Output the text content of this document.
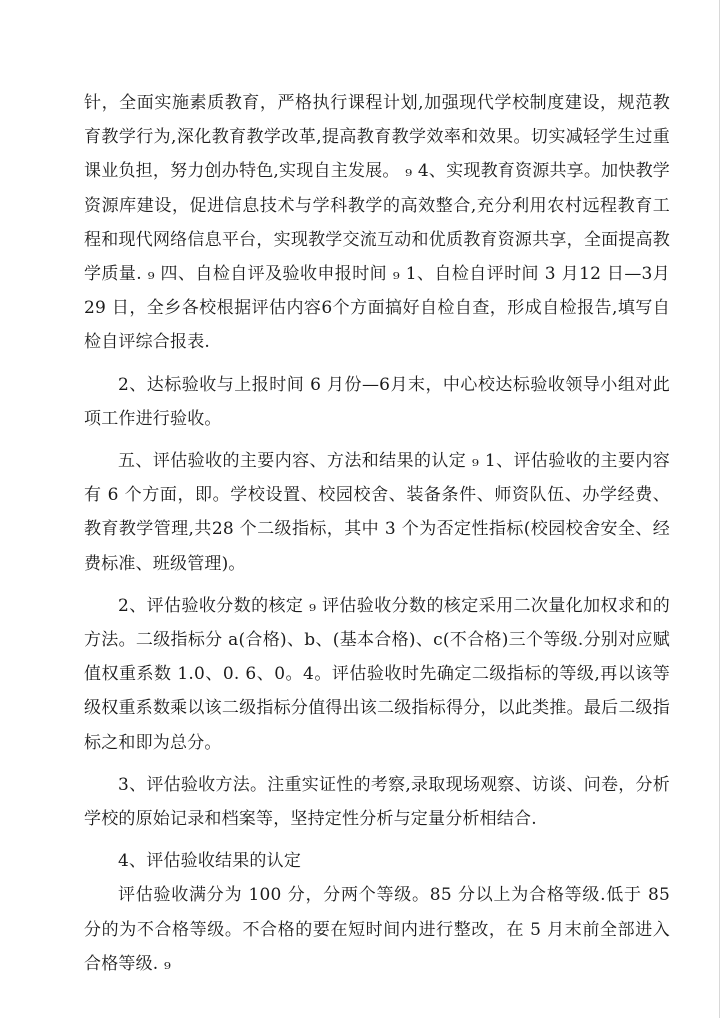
针，全面实施素质教育，严格执行课程计划,加强现代学校制度建设，规范教育教学行为,深化教育教学改革,提高教育教学效率和效果。切实减轻学生过重课业负担，努力创办特色,实现自主发展。 ₉ 4、实现教育资源共享。加快教学资源库建设，促进信息技术与学科教学的高效整合,充分利用农村远程教育工程和现代网络信息平台，实现教学交流互动和优质教育资源共享，全面提高教学质量. ₉ 四、自检自评及验收申报时间 ₉ 1、自检自评时间 3 月12 日—3月29 日，全乡各校根据评估内容6个方面搞好自检自查，形成自检报告,填写自检自评综合报表.

2、达标验收与上报时间 6 月份—6月末，中心校达标验收领导小组对此项工作进行验收。

五、评估验收的主要内容、方法和结果的认定 ₉ 1、评估验收的主要内容有 6 个方面，即。学校设置、校园校舍、装备条件、师资队伍、办学经费、教育教学管理,共28 个二级指标，其中 3 个为否定性指标(校园校舍安全、经费标准、班级管理)。

2、评估验收分数的核定 ₉ 评估验收分数的核定采用二次量化加权求和的方法。二级指标分 a(合格)、b、(基本合格)、c(不合格)三个等级.分别对应赋值权重系数 1.0、0. 6、0。4。评估验收时先确定二级指标的等级,再以该等级权重系数乘以该二级指标分值得出该二级指标得分，以此类推。最后二级指标之和即为总分。

3、评估验收方法。注重实证性的考察,录取现场观察、访谈、问卷，分析学校的原始记录和档案等，坚持定性分析与定量分析相结合.

4、评估验收结果的认定

评估验收满分为 100 分，分两个等级。85 分以上为合格等级.低于 85 分的为不合格等级。不合格的要在短时间内进行整改，在 5 月末前全部进入合格等级. ₉
